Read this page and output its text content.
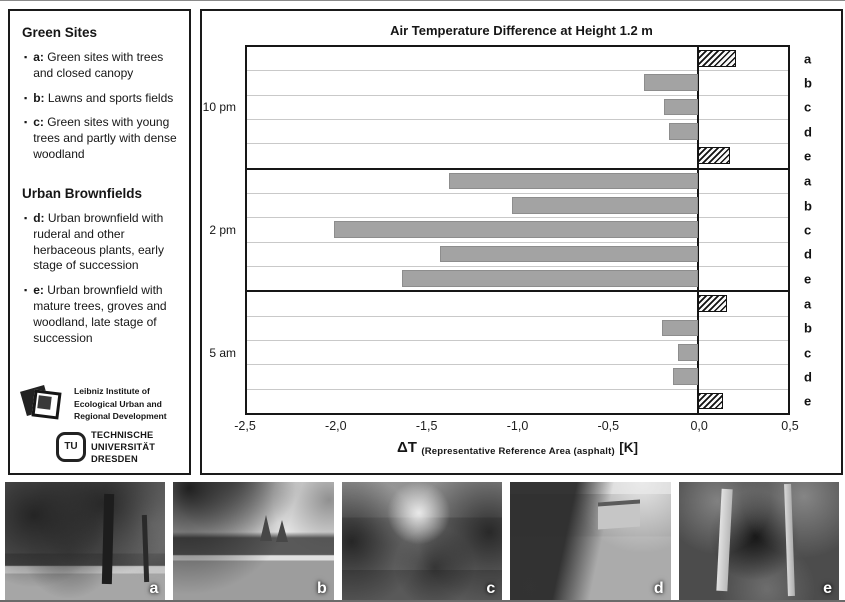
Green Sites
▪ a: Green sites with trees and closed canopy
▪ b: Lawns and sports fields
▪ c: Green sites with young trees and partly with dense woodland
Urban Brownfields
▪ d: Urban brownfield with ruderal and other herbaceous plants, early stage of succession
▪ e: Urban brownfield with mature trees, groves and woodland, late stage of succession
Leibniz Institute of Ecological Urban and Regional Development
TU
TECHNISCHE UNIVERSITÄT DRESDEN
Air Temperature Difference at Height 1.2 m
10 pm
2 pm
5 am
a
b
c
d
e
a
b
c
d
e
a
b
c
d
e
-2,5	-2,0	-1,5	-1,0	-0,5	0,0	0,5
ΔT $_{(Representative Reference Area (asphalt)}$ [K]
a	b	c	d	e
